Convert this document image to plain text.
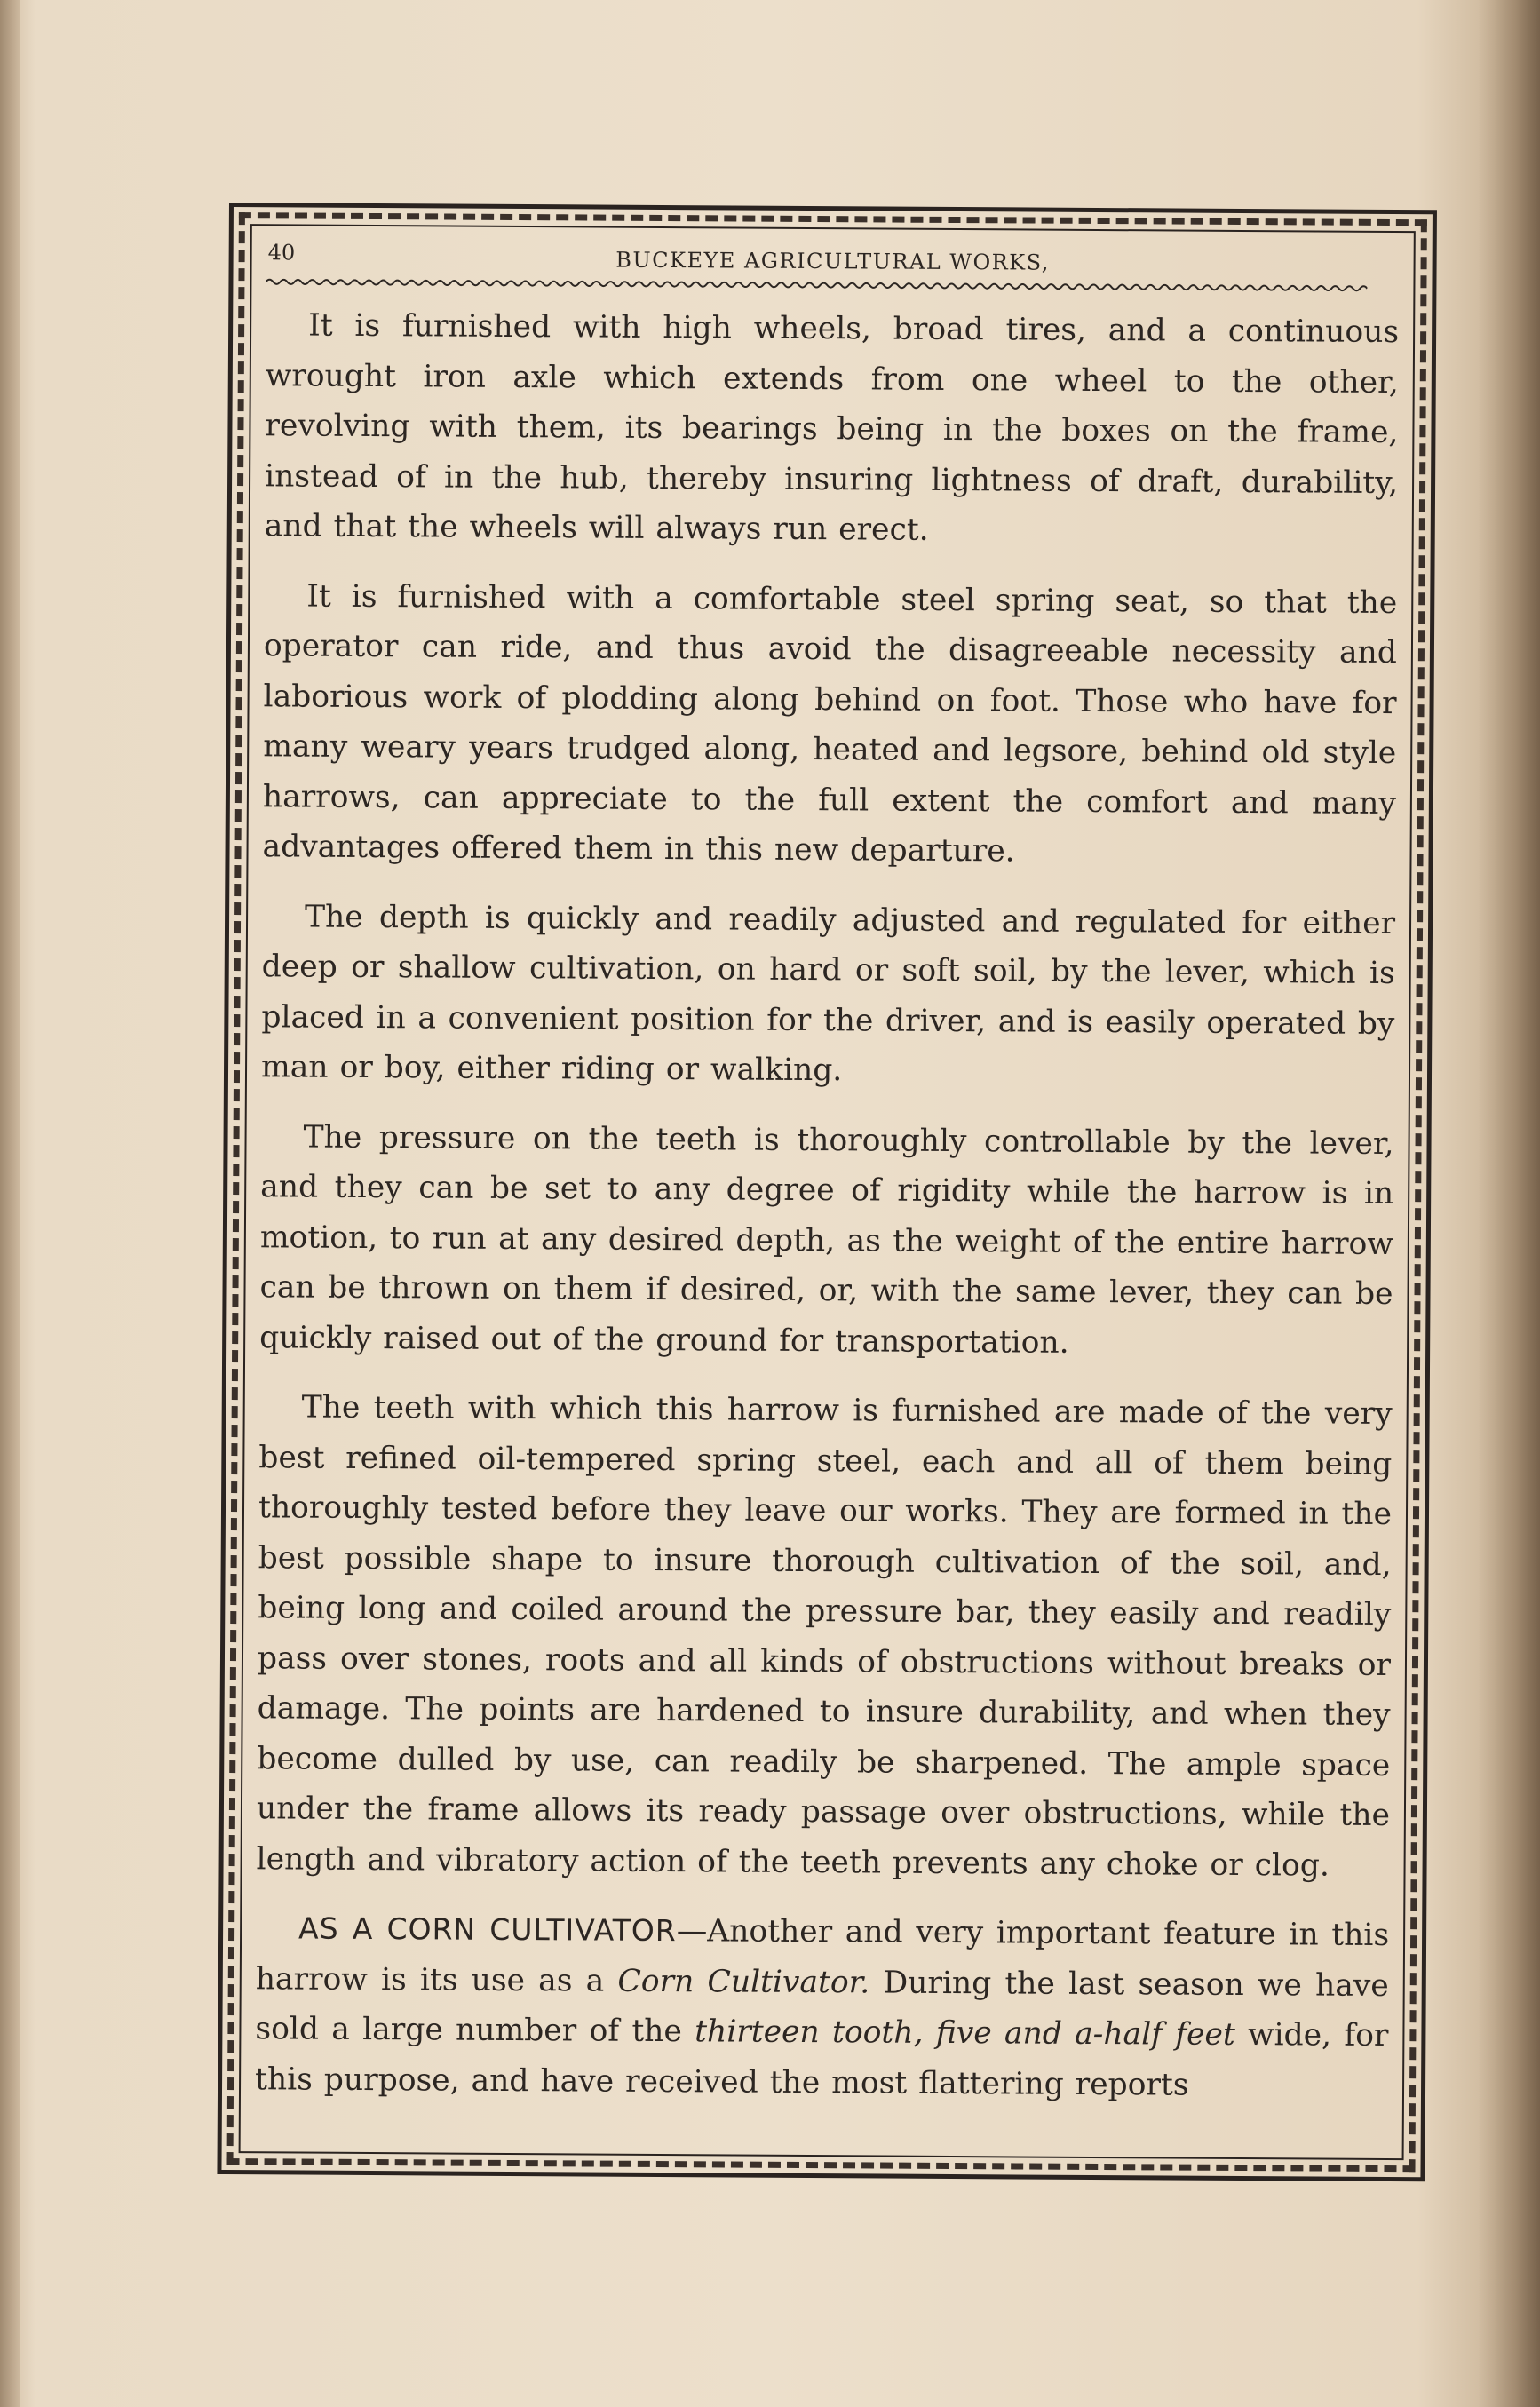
40	BUCKEYE AGRICULTURAL WORKS,

It is furnished with high wheels, broad tires, and a continuous wrought iron axle which extends from one wheel to the other, revolving with them, its bearings being in the boxes on the frame, instead of in the hub, thereby insuring lightness of draft, durability, and that the wheels will always run erect.

It is furnished with a comfortable steel spring seat, so that the operator can ride, and thus avoid the disagreeable necessity and laborious work of plodding along behind on foot. Those who have for many weary years trudged along, heated and legsore, behind old style harrows, can appreciate to the full extent the comfort and many advantages offered them in this new departure.

The depth is quickly and readily adjusted and regulated for either deep or shallow cultivation, on hard or soft soil, by the lever, which is placed in a convenient position for the driver, and is easily operated by man or boy, either riding or walking.

The pressure on the teeth is thoroughly controllable by the lever, and they can be set to any degree of rigidity while the harrow is in motion, to run at any desired depth, as the weight of the entire harrow can be thrown on them if desired, or, with the same lever, they can be quickly raised out of the ground for transportation.

The teeth with which this harrow is furnished are made of the very best refined oil-tempered spring steel, each and all of them being thoroughly tested before they leave our works. They are formed in the best possible shape to insure thorough cultivation of the soil, and, being long and coiled around the pressure bar, they easily and readily pass over stones, roots and all kinds of obstructions without breaks or damage. The points are hardened to insure durability, and when they become dulled by use, can readily be sharpened. The ample space under the frame allows its ready passage over obstructions, while the length and vibratory action of the teeth prevents any choke or clog.

AS A CORN CULTIVATOR—Another and very important feature in this harrow is its use as a Corn Cultivator. During the last season we have sold a large number of the thirteen tooth, five and a-half feet wide, for this purpose, and have received the most flattering reports
